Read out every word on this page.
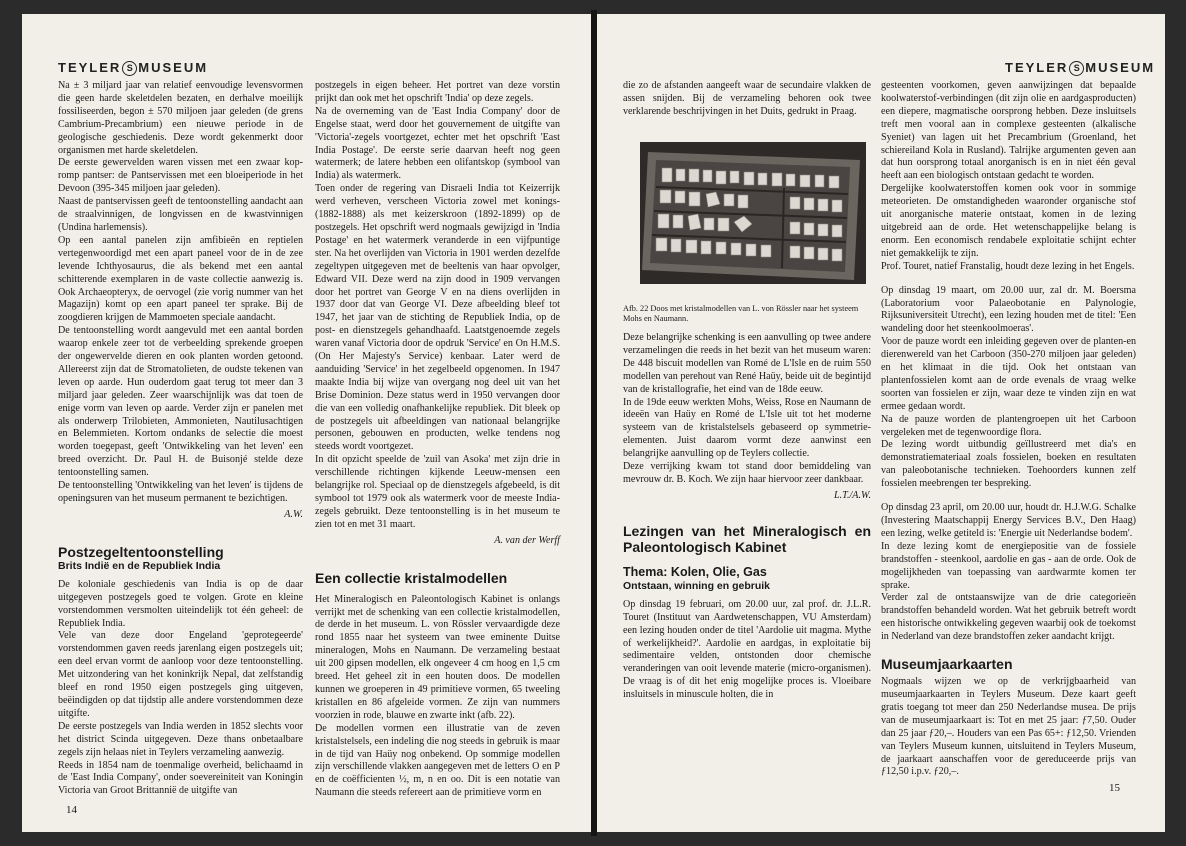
TEYLER S MUSEUM

Na ± 3 miljard jaar van relatief eenvoudige levensvormen die geen harde skeletdelen bezaten, en derhalve moeilijk fossiliseerden, begon ± 570 miljoen jaar geleden (de grens Cambrium-Precambrium) een nieuwe periode in de geologische geschiedenis. Deze wordt gekenmerkt door organismen met harde skeletdelen.

De eerste gewervelden waren vissen met een zwaar kop-romp pantser: de Pantservissen met een bloeiperiode in het Devoon (395-345 miljoen jaar geleden).

Naast de pantservissen geeft de tentoonstelling aandacht aan de straalvinnigen, de longvissen en de kwastvinnigen (Undina harlemensis).

Op een aantal panelen zijn amfibieën en reptielen vertegenwoordigd met een apart paneel voor de in de zee levende Ichthyosaurus, die als bekend met een aantal schitterende exemplaren in de vaste collectie aanwezig is. Ook Archaeopteryx, de oervogel (zie vorig nummer van het Magazijn) komt op een apart paneel ter sprake. Bij de zoogdieren krijgen de Mammoeten speciale aandacht.

De tentoonstelling wordt aangevuld met een aantal borden waarop enkele zeer tot de verbeelding sprekende groepen der ongewervelde dieren en ook planten worden getoond. Allereerst zijn dat de Stromatolieten, de oudste tekenen van leven op aarde. Hun ouderdom gaat terug tot meer dan 3 miljard jaar geleden. Zeer waarschijnlijk was dat toen de enige vorm van leven op aarde. Verder zijn er panelen met als onderwerp Trilobieten, Ammonieten, Nautilusachtigen en Belemmieten. Kortom ondanks de selectie die moest worden toegepast, geeft 'Ontwikkeling van het leven' een breed overzicht. Dr. Paul H. de Buisonjé stelde deze tentoonstelling samen.

De tentoonstelling 'Ontwikkeling van het leven' is tijdens de openingsuren van het museum permanent te bezichtigen.

A.W.
Postzegeltentoonstelling
Brits Indië en de Republiek India

De koloniale geschiedenis van India is op de daar uitgegeven postzegels goed te volgen. Grote en kleine vorstendommen versmolten uiteindelijk tot één geheel: de Republiek India.

Vele van deze door Engeland 'geprotegeerde' vorstendommen gaven reeds jarenlang eigen postzegels uit; een deel ervan vormt de aanloop voor deze tentoonstelling. Met uitzondering van het koninkrijk Nepal, dat zelfstandig bleef en rond 1950 eigen postzegels ging uitgeven, beëindigden op dat tijdstip alle andere vorstendommen deze uitgifte.

De eerste postzegels van India werden in 1852 slechts voor het district Scinda uitgegeven. Deze thans onbetaalbare zegels zijn helaas niet in Teylers verzameling aanwezig.

Reeds in 1854 nam de toenmalige overheid, belichaamd in de 'East India Company', onder soevereiniteit van Koningin Victoria van Groot Brittannië de uitgifte van

postzegels in eigen beheer. Het portret van deze vorstin prijkt dan ook met het opschrift 'India' op deze zegels.

Na de overneming van de 'East India Company' door de Engelse staat, werd door het gouvernement de uitgifte van 'Victoria'-zegels voortgezet, echter met het opschrift 'East India Postage'. De eerste serie daarvan heeft nog geen watermerk; de latere hebben een olifantskop (symbool van India) als watermerk.

Toen onder de regering van Disraeli India tot Keizerrijk werd verheven, verscheen Victoria zowel met konings- (1882-1888) als met keizerskroon (1892-1899) op de postzegels. Het opschrift werd nogmaals gewijzigd in 'India Postage' en het watermerk veranderde in een vijfpuntige ster. Na het overlijden van Victoria in 1901 werden dezelfde zegeltypen uitgegeven met de beeltenis van haar opvolger, Edward VII. Deze werd na zijn dood in 1909 vervangen door het portret van George V en na diens overlijden in 1937 door dat van George VI. Deze afbeelding bleef tot 1947, het jaar van de stichting de Republiek India, op de post- en dienstzegels gehandhaafd. Laatstgenoemde zegels waren vanaf Victoria door de opdruk 'Service' en On H.M.S. (On Her Majesty's Service) kenbaar. Later werd de aanduiding 'Service' in het zegelbeeld opgenomen. In 1947 maakte India bij wijze van overgang nog deel uit van het Brise Dominion. Deze status werd in 1950 vervangen door die van een volledig onafhankelijke republiek. Dit bleek op de postzegels uit afbeeldingen van nationaal belangrijke personen, gebouwen en producten, welke tendens nog steeds wordt voortgezet.

In dit opzicht speelde de 'zuil van Asoka' met zijn drie in verschillende richtingen kijkende Leeuw-mensen een belangrijke rol. Speciaal op de dienstzegels afgebeeld, is dit symbool tot 1979 ook als watermerk voor de meeste India-zegels gebruikt. Deze tentoonstelling is in het museum te zien tot en met 31 maart.

A. van der Werff
Een collectie kristalmodellen

Het Mineralogisch en Paleontologisch Kabinet is onlangs verrijkt met de schenking van een collectie kristalmodellen, de derde in het museum. L. von Rössler vervaardigde deze rond 1855 naar het systeem van twee eminente Duitse mineralogen, Mohs en Naumann. De verzameling bestaat uit 200 gipsen modellen, elk ongeveer 4 cm hoog en 1,5 cm breed. Het geheel zit in een houten doos. De modellen kunnen we groeperen in 49 primitieve vormen, 65 tweeling kristallen en 86 afgeleide vormen. Ze zijn van nummers voorzien in rode, blauwe en zwarte inkt (afb. 22).

De modellen vormen een illustratie van de zeven kristalstelsels, een indeling die nog steeds in gebruik is maar in de tijd van Haüy nog onbekend. Op sommige modellen zijn verschillende vlakken aangegeven met de letters O en P en de coëfficienten ½, m, n en oo. Dit is een notatie van Naumann die steeds refereert aan de primitieve vorm en

14
TEYLER S MUSEUM

die zo de afstanden aangeeft waar de secundaire vlakken de assen snijden. Bij de verzameling behoren ook twee verklarende beschrijvingen in het Duits, gedrukt in Praag.

Afb. 22 Doos met kristalmodellen van L. von Rössler naar het systeem Mohs en Naumann.

Deze belangrijke schenking is een aanvulling op twee andere verzamelingen die reeds in het bezit van het museum waren: De 448 biscuit modellen van Romé de L'Isle en de ruim 550 modellen van perehout van René Haüy, beide uit de begintijd van de kristallografie, het eind van de 18de eeuw.

In de 19de eeuw werkten Mohs, Weiss, Rose en Naumann de ideeën van Haüy en Romé de L'Isle uit tot het moderne systeem van de kristalstelsels gebaseerd op symmetrie-elementen. Juist daarom vormt deze aanwinst een belangrijke aanvulling op de Teylers collectie.

Deze verrijking kwam tot stand door bemiddeling van mevrouw dr. B. Koch. We zijn haar hiervoor zeer dankbaar.

L.T./A.W.
Lezingen van het Mineralogisch en Paleontologisch Kabinet
Thema: Kolen, Olie, Gas
Ontstaan, winning en gebruik

Op dinsdag 19 februari, om 20.00 uur, zal prof. dr. J.L.R. Touret (Instituut van Aardwetenschappen, VU Amsterdam) een lezing houden onder de titel 'Aardolie uit magma. Mythe of werkelijkheid?'. Aardolie en aardgas, in exploitatie bij sedimentaire velden, ontstonden door chemische veranderingen van ooit levende materie (micro-organismen). De vraag is of dit het enig mogelijke proces is. Vloeibare insluitsels in minuscule holten, die in

gesteenten voorkomen, geven aanwijzingen dat bepaalde koolwaterstof-verbindingen (dit zijn olie en aardgasproducten) een diepere, magmatische oorsprong hebben. Deze insluitsels treft men vooral aan in complexe gesteenten (alkalische Syeniet) van lagen uit het Precambrium (Groenland, het schiereiland Kola in Rusland). Talrijke argumenten geven aan dat hun oorsprong totaal anorganisch is en in niet één geval heeft aan een biologisch ontstaan gedacht te worden.

Dergelijke koolwaterstoffen komen ook voor in sommige meteorieten. De omstandigheden waaronder organische stof uit anorganische materie ontstaat, komen in de lezing uitgebreid aan de orde. Het wetenschappelijke belang is enorm. Een economisch rendabele exploitatie schijnt echter niet gemakkelijk te zijn.

Prof. Touret, natief Franstalig, houdt deze lezing in het Engels.

Op dinsdag 19 maart, om 20.00 uur, zal dr. M. Boersma (Laboratorium voor Palaeobotanie en Palynologie, Rijksuniversiteit Utrecht), een lezing houden met de titel: 'Een wandeling door het steenkoolmoeras'.

Voor de pauze wordt een inleiding gegeven over de planten-en dierenwereld van het Carboon (350-270 miljoen jaar geleden) en het klimaat in die tijd. Ook het ontstaan van plantenfossielen komt aan de orde evenals de vraag welke soorten van fossielen er zijn, waar deze te vinden zijn en wat ermee gedaan wordt.

Na de pauze worden de plantengroepen uit het Carboon vergeleken met de tegenwoordige flora.

De lezing wordt uitbundig geïllustreerd met dia's en demonstratiemateriaal zoals fossielen, boeken en resultaten van paleobotanische technieken. Toehoorders kunnen zelf fossielen meebrengen ter bespreking.

Op dinsdag 23 april, om 20.00 uur, houdt dr. H.J.W.G. Schalke (Investering Maatschappij Energy Services B.V., Den Haag) een lezing, welke getiteld is: 'Energie uit Nederlandse bodem'.

In deze lezing komt de energiepositie van de fossiele brandstoffen - steenkool, aardolie en gas - aan de orde. Ook de mogelijkheden van toepassing van aardwarmte komen ter sprake.

Verder zal de ontstaanswijze van de drie categorieën brandstoffen behandeld worden. Wat het gebruik betreft wordt een historische ontwikkeling gegeven waarbij ook de toekomst in Nederland van deze brandstoffen zeker aandacht krijgt.

Museumjaarkaarten

Nogmaals wijzen we op de verkrijgbaarheid van museumjaarkaarten in Teylers Museum. Deze kaart geeft gratis toegang tot meer dan 250 Nederlandse musea. De prijs van de museumjaarkaart is: Tot en met 25 jaar: ƒ7,50. Ouder dan 25 jaar ƒ20,–. Houders van een Pas 65+: ƒ12,50. Vrienden van Teylers Museum kunnen, uitsluitend in Teylers Museum, de jaarkaart aanschaffen voor de gereduceerde prijs van ƒ12,50 i.p.v. ƒ20,–.

15
